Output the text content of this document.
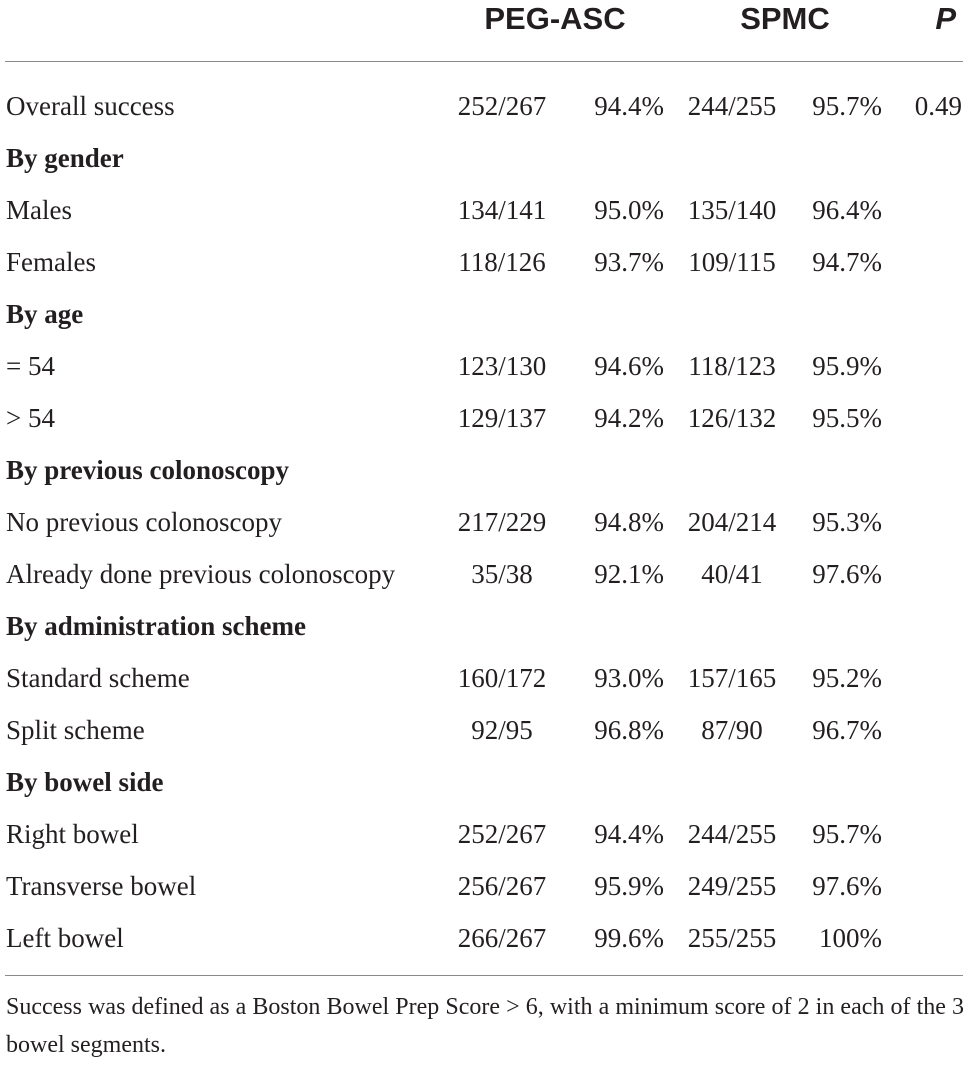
PEG-ASC	SPMC	P
Overall success	252/267	94.4% 244/255	95.7%	0.49
By gender
Males	134/141	95.0% 135/140	96.4%
Females	118/126	93.7% 109/115	94.7%
By age
= 54	123/130	94.6% 118/123	95.9%
> 54	129/137	94.2% 126/132	95.5%
By previous colonoscopy
No previous colonoscopy	217/229	94.8% 204/214	95.3%
Already done previous colonoscopy	35/38	92.1%	40/41	97.6%
By administration scheme
Standard scheme	160/172	93.0% 157/165	95.2%
Split scheme	92/95	96.8%	87/90	96.7%
By bowel side
Right bowel	252/267	94.4% 244/255	95.7%
Transverse bowel	256/267	95.9% 249/255	97.6%
Left bowel	266/267	99.6% 255/255	100%
Success was defined as a Boston Bowel Prep Score > 6, with a minimum score of 2 in each of the 3 bowel segments.
